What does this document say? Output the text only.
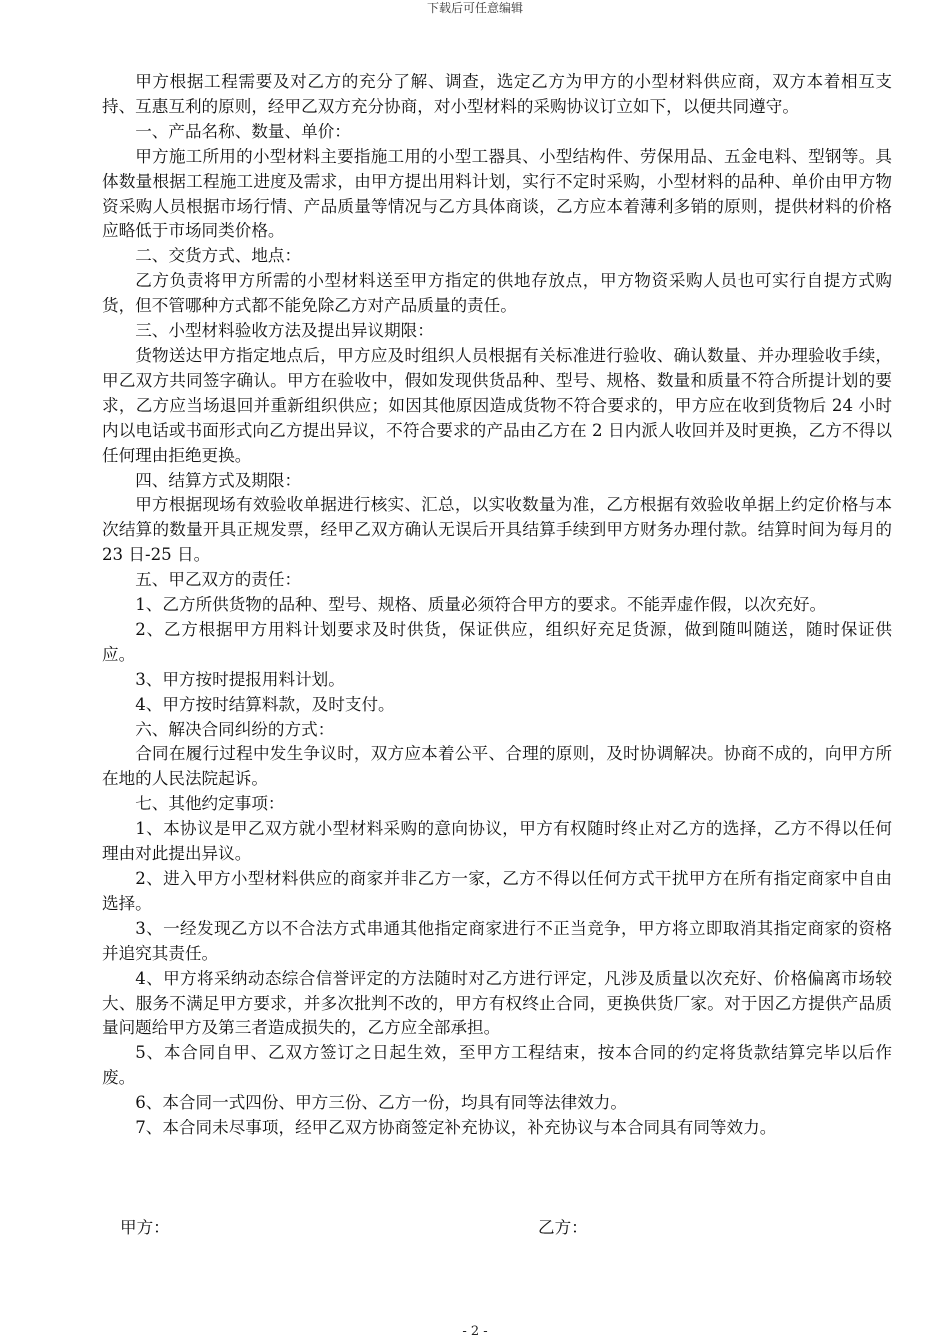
下载后可任意编辑

甲方根据工程需要及对乙方的充分了解、调查，选定乙方为甲方的小型材料供应商，双方本着相互支持、互惠互利的原则，经甲乙双方充分协商，对小型材料的采购协议订立如下，以便共同遵守。

一、产品名称、数量、单价：

甲方施工所用的小型材料主要指施工用的小型工器具、小型结构件、劳保用品、五金电料、型钢等。具体数量根据工程施工进度及需求，由甲方提出用料计划，实行不定时采购，小型材料的品种、单价由甲方物资采购人员根据市场行情、产品质量等情况与乙方具体商谈，乙方应本着薄利多销的原则，提供材料的价格应略低于市场同类价格。

二、交货方式、地点：

乙方负责将甲方所需的小型材料送至甲方指定的供地存放点，甲方物资采购人员也可实行自提方式购货，但不管哪种方式都不能免除乙方对产品质量的责任。

三、小型材料验收方法及提出异议期限：

货物送达甲方指定地点后，甲方应及时组织人员根据有关标准进行验收、确认数量、并办理验收手续，甲乙双方共同签字确认。甲方在验收中，假如发现供货品种、型号、规格、数量和质量不符合所提计划的要求，乙方应当场退回并重新组织供应；如因其他原因造成货物不符合要求的，甲方应在收到货物后 24 小时内以电话或书面形式向乙方提出异议，不符合要求的产品由乙方在 2 日内派人收回并及时更换，乙方不得以任何理由拒绝更换。

四、结算方式及期限：

甲方根据现场有效验收单据进行核实、汇总，以实收数量为准，乙方根据有效验收单据上约定价格与本次结算的数量开具正规发票，经甲乙双方确认无误后开具结算手续到甲方财务办理付款。结算时间为每月的 23 日-25 日。

五、甲乙双方的责任：

1、乙方所供货物的品种、型号、规格、质量必须符合甲方的要求。不能弄虚作假，以次充好。

2、乙方根据甲方用料计划要求及时供货，保证供应，组织好充足货源，做到随叫随送，随时保证供应。

3、甲方按时提报用料计划。

4、甲方按时结算料款，及时支付。

六、解决合同纠纷的方式：

合同在履行过程中发生争议时，双方应本着公平、合理的原则，及时协调解决。协商不成的，向甲方所在地的人民法院起诉。

七、其他约定事项：

1、本协议是甲乙双方就小型材料采购的意向协议，甲方有权随时终止对乙方的选择，乙方不得以任何理由对此提出异议。

2、进入甲方小型材料供应的商家并非乙方一家，乙方不得以任何方式干扰甲方在所有指定商家中自由选择。

3、一经发现乙方以不合法方式串通其他指定商家进行不正当竞争，甲方将立即取消其指定商家的资格并追究其责任。

4、甲方将采纳动态综合信誉评定的方法随时对乙方进行评定，凡涉及质量以次充好、价格偏离市场较大、服务不满足甲方要求，并多次批判不改的，甲方有权终止合同，更换供货厂家。对于因乙方提供产品质量问题给甲方及第三者造成损失的，乙方应全部承担。

5、本合同自甲、乙双方签订之日起生效，至甲方工程结束，按本合同的约定将货款结算完毕以后作废。

6、本合同一式四份、甲方三份、乙方一份，均具有同等法律效力。

7、本合同未尽事项，经甲乙双方协商签定补充协议，补充协议与本合同具有同等效力。

甲方：	乙方：
- 2 -
